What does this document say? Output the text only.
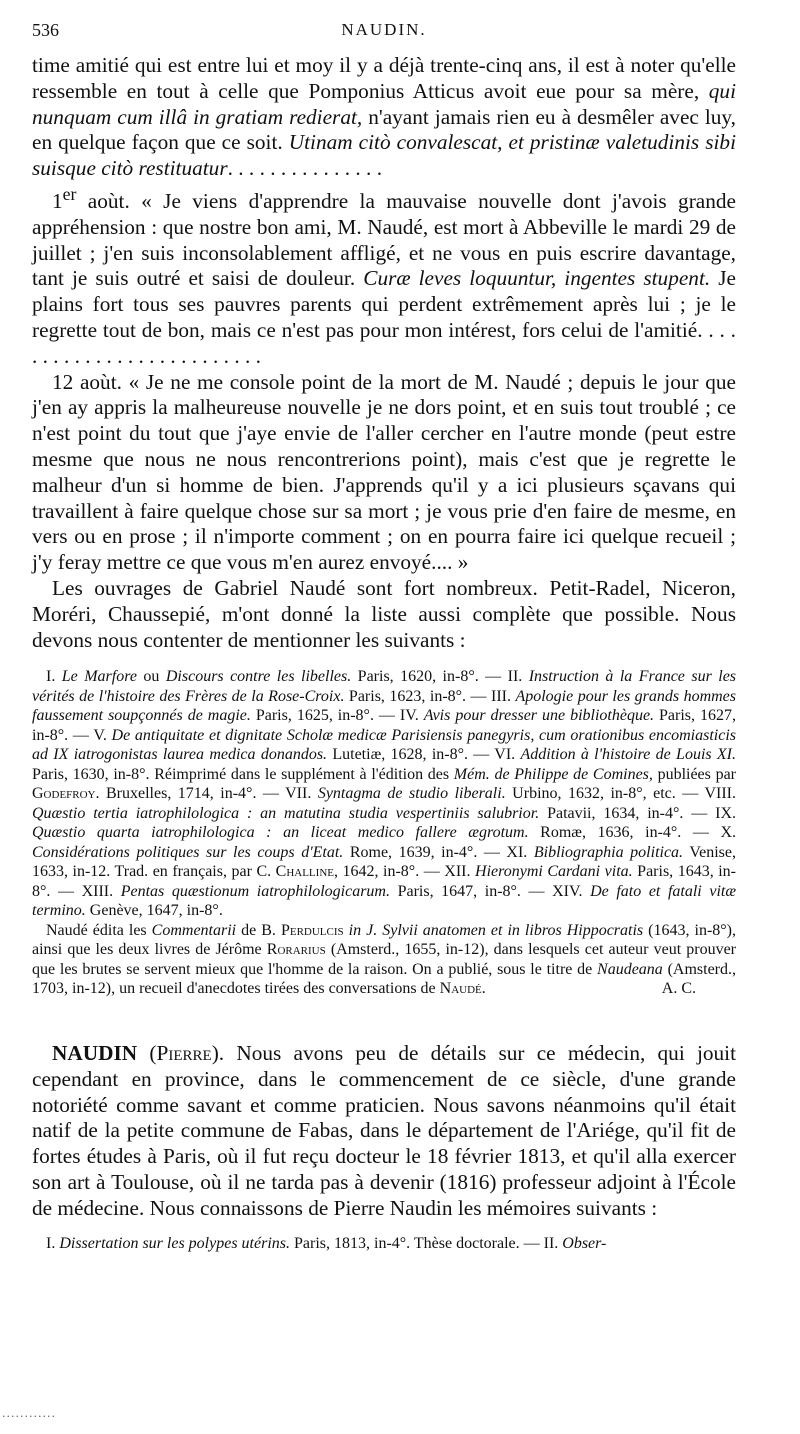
536	NAUDIN.

time amitié qui est entre lui et moy il y a déjà trente-cinq ans, il est à noter qu'elle ressemble en tout à celle que Pomponius Atticus avoit eue pour sa mère, qui nunquam cum illâ in gratiam redierat, n'ayant jamais rien eu à desmêler avec luy, en quelque façon que ce soit. Utinam citò convalescat, et pristinæ valetudinis sibi suisque citò restituatur. . . . . . . . . . . . . . .

1er aoùt. « Je viens d'apprendre la mauvaise nouvelle dont j'avois grande appréhension : que nostre bon ami, M. Naudé, est mort à Abbeville le mardi 29 de juillet ; j'en suis inconsolablement affligé, et ne vous en puis escrire davantage, tant je suis outré et saisi de douleur. Curæ leves loquuntur, ingentes stupent. Je plains fort tous ses pauvres parents qui perdent extrêmement après lui ; je le regrette tout de bon, mais ce n'est pas pour mon intérest, fors celui de l'amitié. . . . . . . . . . . . . . . . . . . . . . . . . .

12 aoùt. « Je ne me console point de la mort de M. Naudé ; depuis le jour que j'en ay appris la malheureuse nouvelle je ne dors point, et en suis tout troublé ; ce n'est point du tout que j'aye envie de l'aller cercher en l'autre monde (peut estre mesme que nous ne nous rencontrerions point), mais c'est que je regrette le malheur d'un si homme de bien. J'apprends qu'il y a ici plusieurs sçavans qui travaillent à faire quelque chose sur sa mort ; je vous prie d'en faire de mesme, en vers ou en prose ; il n'importe comment ; on en pourra faire ici quelque recueil ; j'y feray mettre ce que vous m'en aurez envoyé.... »

Les ouvrages de Gabriel Naudé sont fort nombreux. Petit-Radel, Niceron, Moréri, Chaussepié, m'ont donné la liste aussi complète que possible. Nous devons nous contenter de mentionner les suivants :

I. Le Marfore ou Discours contre les libelles. Paris, 1620, in-8°. — II. Instruction à la France sur les vérités de l'histoire des Frères de la Rose-Croix. Paris, 1623, in-8°. — III. Apologie pour les grands hommes faussement soupçonnés de magie. Paris, 1625, in-8°. — IV. Avis pour dresser une bibliothèque. Paris, 1627, in-8°. — V. De antiquitate et dignitate Scholæ medicæ Parisiensis panegyris, cum orationibus encomiasticis ad IX iatrogonistas laurea medica donandos. Lutetiæ, 1628, in-8°. — VI. Addition à l'histoire de Louis XI. Paris, 1630, in-8°. Réimprimé dans le supplément à l'édition des Mém. de Philippe de Comines, publiées par Godefroy. Bruxelles, 1714, in-4°. — VII. Syntagma de studio liberali. Urbino, 1632, in-8°, etc. — VIII. Quæstio tertia iatrophilologica : an matutina studia vespertiniis salubrior. Patavii, 1634, in-4°. — IX. Quæstio quarta iatrophilologica : an liceat medico fallere ægrotum. Romæ, 1636, in-4°. — X. Considérations politiques sur les coups d'Etat. Rome, 1639, in-4°. — XI. Bibliographia politica. Venise, 1633, in-12. Trad. en français, par C. Challine, 1642, in-8°. — XII. Hieronymi Cardani vita. Paris, 1643, in-8°. — XIII. Pentas quæstionum iatrophilologicarum. Paris, 1647, in-8°. — XIV. De fato et fatali vitæ termino. Genève, 1647, in-8°.

Naudé édita les Commentarii de B. Perdulcis in J. Sylvii anatomen et in libros Hippocratis (1643, in-8°), ainsi que les deux livres de Jérôme Rorarius (Amsterd., 1655, in-12), dans lesquels cet auteur veut prouver que les brutes se servent mieux que l'homme de la raison. On a publié, sous le titre de Naudeana (Amsterd., 1703, in-12), un recueil d'anecdotes tirées des conversations de Naudé.	A. C.

NAUDIN (Pierre). Nous avons peu de détails sur ce médecin, qui jouit cependant en province, dans le commencement de ce siècle, d'une grande notoriété comme savant et comme praticien. Nous savons néanmoins qu'il était natif de la petite commune de Fabas, dans le département de l'Ariége, qu'il fit de fortes études à Paris, où il fut reçu docteur le 18 février 1813, et qu'il alla exercer son art à Toulouse, où il ne tarda pas à devenir (1816) professeur adjoint à l'École de médecine. Nous connaissons de Pierre Naudin les mémoires suivants :

I. Dissertation sur les polypes utérins. Paris, 1813, in-4°. Thèse doctorale. — II. Obser-
............
